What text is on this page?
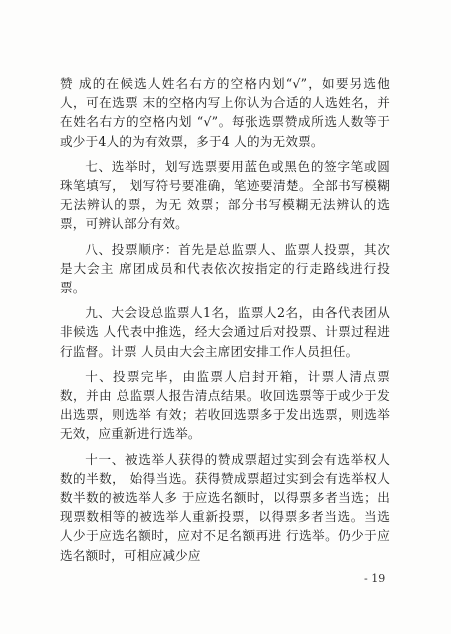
赞 成的在候选人姓名右方的空格内划“√”，如要另选他人，可在选票 末的空格内写上你认为合适的人选姓名，并在姓名右方的空格内划 “√”。每张选票赞成所选人数等于或少于4人的为有效票，多于4 人的为无效票。

七、选举时，划写选票要用蓝色或黑色的签字笔或圆珠笔填写， 划写符号要准确，笔迹要清楚。全部书写模糊无法辨认的票，为无 效票；部分书写模糊无法辨认的选票，可辨认部分有效。

八、投票顺序：首先是总监票人、监票人投票，其次是大会主 席团成员和代表依次按指定的行走路线进行投票。

九、大会设总监票人1名，监票人2名，由各代表团从非候选 人代表中推选，经大会通过后对投票、计票过程进行监督。计票 人员由大会主席团安排工作人员担任。

十、投票完毕，由监票人启封开箱，计票人清点票数，并由 总监票人报告清点结果。收回选票等于或少于发出选票，则选举 有效；若收回选票多于发出选票，则选举无效，应重新进行选举。

十一、被选举人获得的赞成票超过实到会有选举权人数的半数， 始得当选。获得赞成票超过实到会有选举权人数半数的被选举人多 于应选名额时，以得票多者当选；出现票数相等的被选举人重新投票，以得票多者当选。当选人少于应选名额时，应对不足名额再进 行选举。仍少于应选名额时，可相应减少应

- 19
